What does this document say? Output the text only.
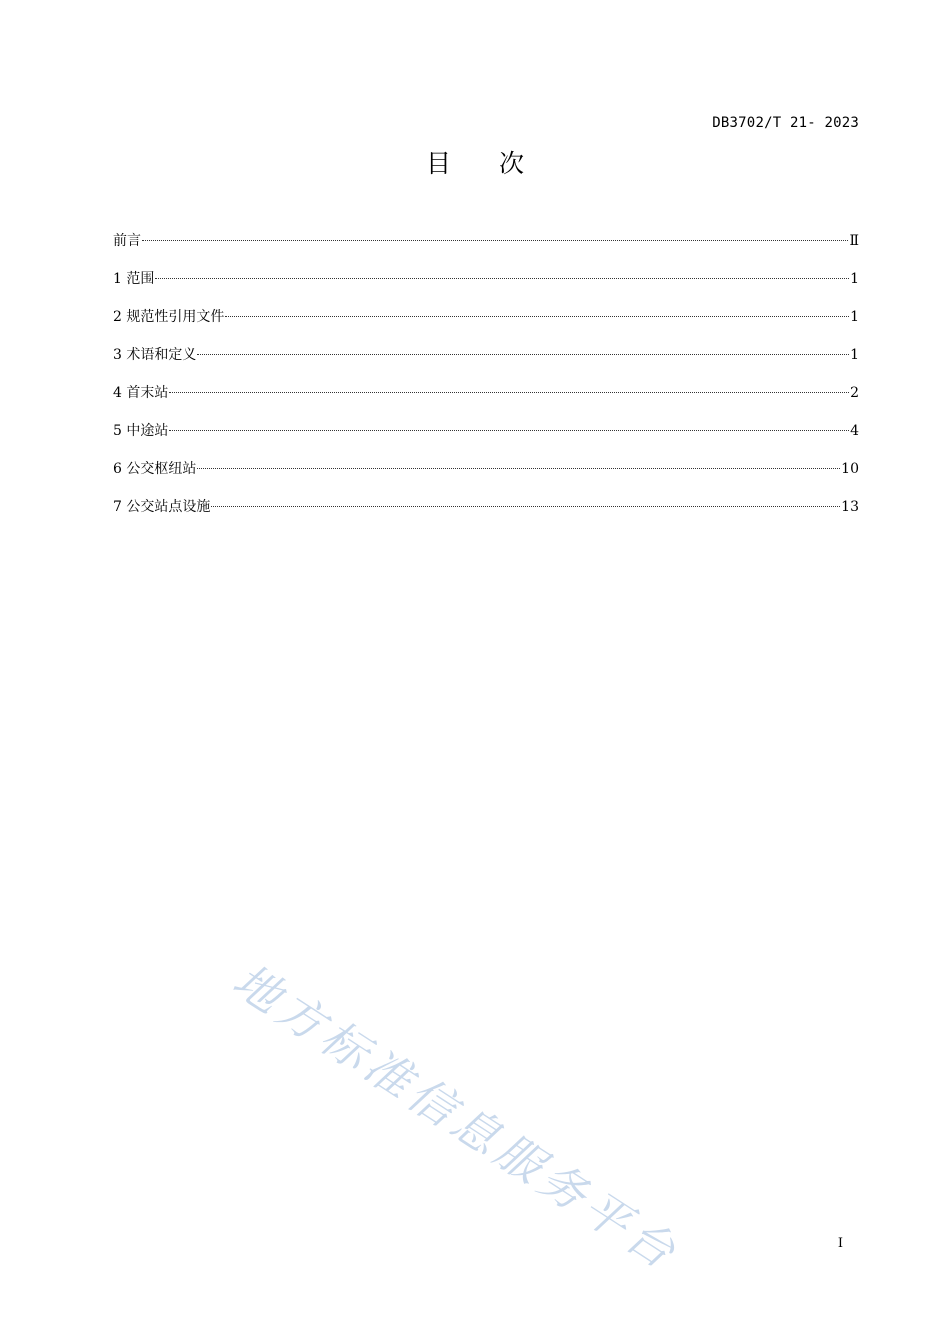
DB3702/T 21- 2023
目次
前言	Ⅱ
1 范围	1
2 规范性引用文件	1
3 术语和定义	1
4 首末站	2
5 中途站	4
6 公交枢纽站	10
7 公交站点设施	13
地方标准信息服务平台	I
